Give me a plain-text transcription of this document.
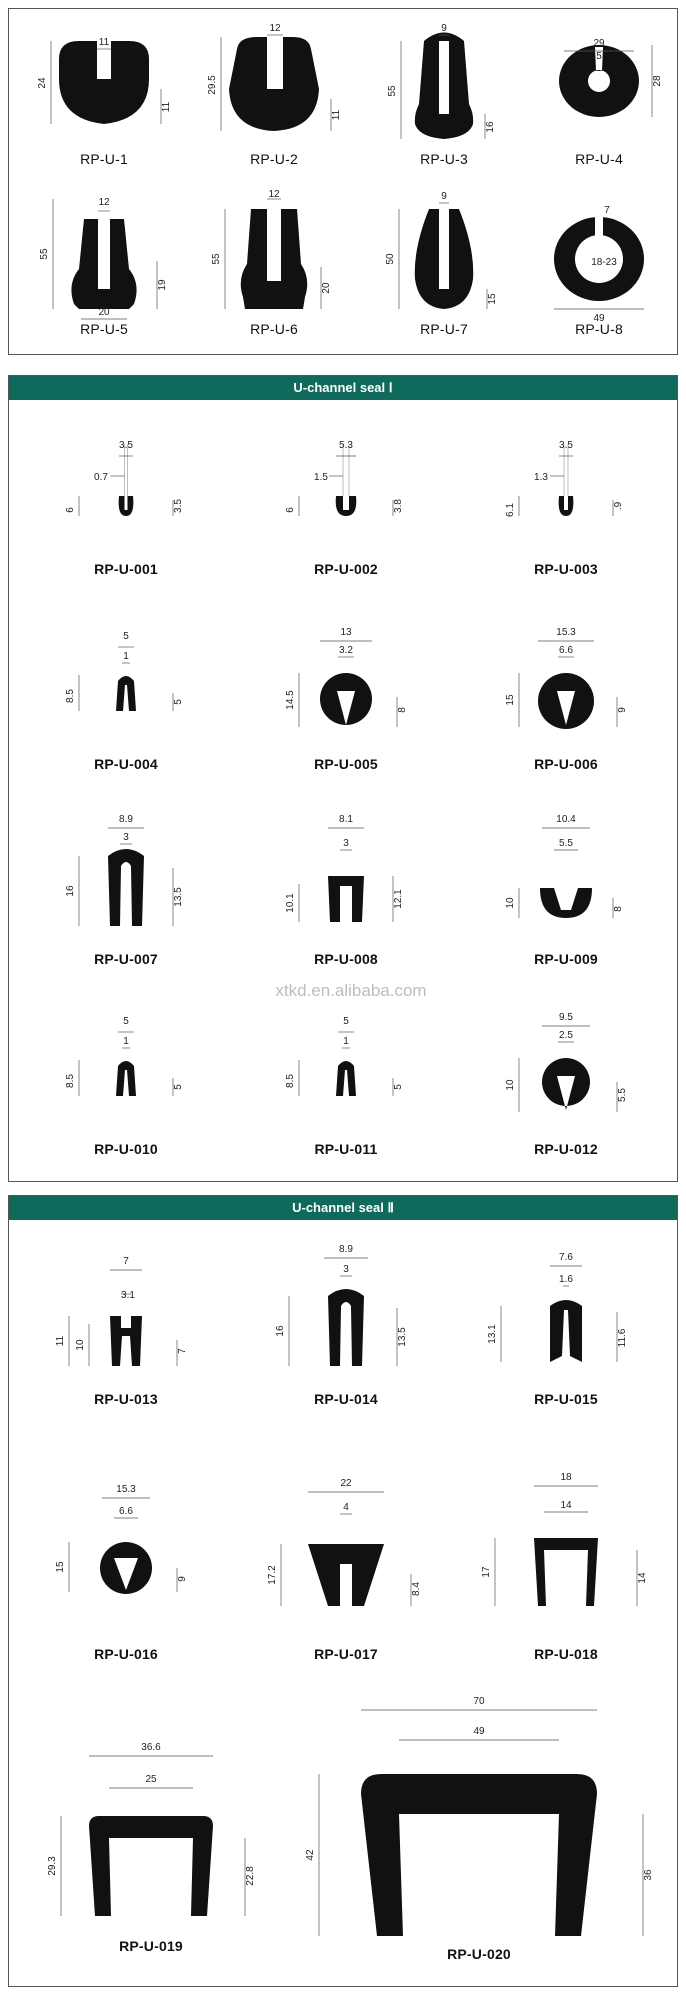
11
24
11
RP-U-1
12
29.5
11
RP-U-2
9
55
16
RP-U-3
29
5
28
RP-U-4
12
55
19
20
RP-U-5
12
55
20
RP-U-6
9
50
15
RP-U-7
7
18-23
49
RP-U-8
U-channel seal Ⅰ
3.5
0.7
6	3.5
RP-U-001
5.3
1.5
6	3.8
RP-U-002
3.5
1.3
6.1	.9
RP-U-003
5
1
8.5	5
RP-U-004
13
3.2
14.5
8
RP-U-005
15.3
6.6
15
9
RP-U-006
8.9
3
16	13.5
RP-U-007
8.1
3
10.1	12.1
RP-U-008
10.4
5.5
10
8
RP-U-009
5
1
8.5	5
RP-U-010
5
1
8.5	5
RP-U-011
9.5
2.5
10
5.5
RP-U-012
xtkd.en.alibaba.com
U-channel seal Ⅱ
7
3.1
11 10
7
RP-U-013
8.9
3
16	13.5
RP-U-014
7.6
1.6
13.1	11.6
RP-U-015
15.3
6.6
15
9
RP-U-016
22
4
17.2
8.4
RP-U-017
18
14
17
14
RP-U-018
36.6
25
29.3
22.8
RP-U-019
70
49
42
36
RP-U-020
